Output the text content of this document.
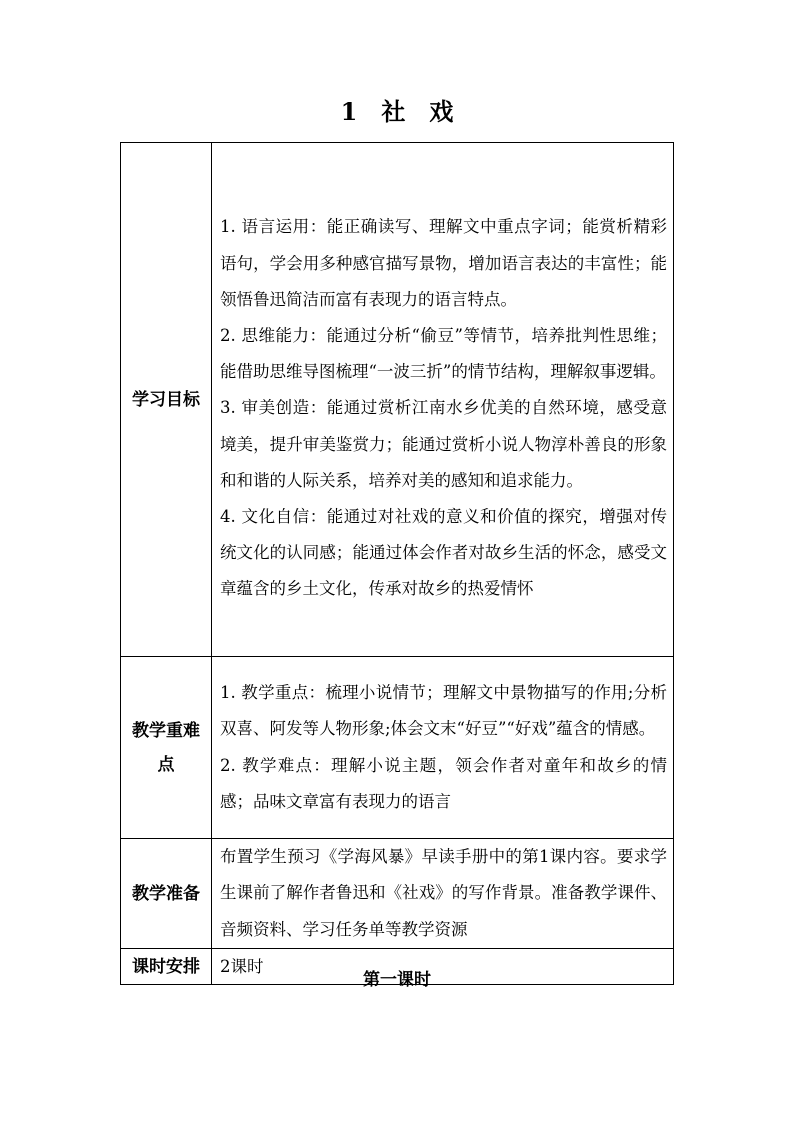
1　社　戏
学习目标	1. 语言运用：能正确读写、理解文中重点字词；能赏析精彩语句，学会用多种感官描写景物，增加语言表达的丰富性；能领悟鲁迅简洁而富有表现力的语言特点。

2. 思维能力：能通过分析“偷豆”等情节，培养批判性思维；能借助思维导图梳理“一波三折”的情节结构，理解叙事逻辑。

3. 审美创造：能通过赏析江南水乡优美的自然环境，感受意境美，提升审美鉴赏力；能通过赏析小说人物淳朴善良的形象和和谐的人际关系，培养对美的感知和追求能力。

4. 文化自信：能通过对社戏的意义和价值的探究，增强对传统文化的认同感；能通过体会作者对故乡生活的怀念，感受文章蕴含的乡土文化，传承对故乡的热爱情怀

教学重难点	1. 教学重点：梳理小说情节；理解文中景物描写的作用;分析双喜、阿发等人物形象;体会文末“好豆”“好戏”蕴含的情感。

2. 教学难点：理解小说主题，领会作者对童年和故乡的情感；品味文章富有表现力的语言

教学准备	布置学生预习《学海风暴》早读手册中的第1课内容。要求学生课前了解作者鲁迅和《社戏》的写作背景。准备教学课件、音频资料、学习任务单等教学资源
课时安排	2课时
第一课时
